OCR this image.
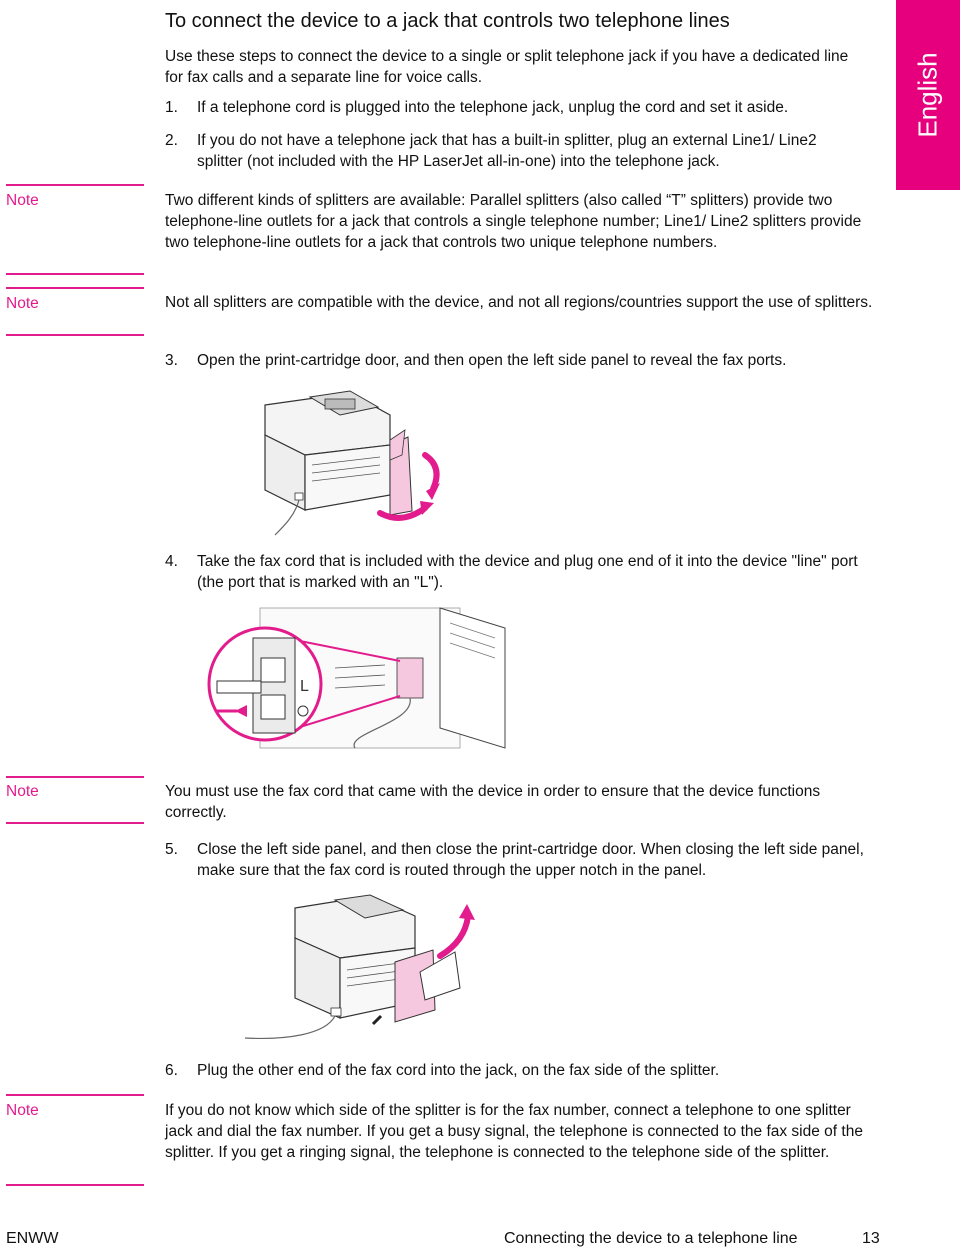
English
To connect the device to a jack that controls two telephone lines

Use these steps to connect the device to a single or split telephone jack if you have a dedicated line for fax calls and a separate line for voice calls.

1. If a telephone cord is plugged into the telephone jack, unplug the cord and set it aside.
2. If you do not have a telephone jack that has a built-in splitter, plug an external Line1/ Line2 splitter (not included with the HP LaserJet all-in-one) into the telephone jack.
Note	Two different kinds of splitters are available: Parallel splitters (also called “T” splitters) provide two telephone-line outlets for a jack that controls a single telephone number; Line1/ Line2 splitters provide two telephone-line outlets for a jack that controls two unique telephone numbers.

Note	Not all splitters are compatible with the device, and not all regions/countries support the use of splitters.

3. Open the print-cartridge door, and then open the left side panel to reveal the fax ports.
4. Take the fax cord that is included with the device and plug one end of it into the device "line" port (the port that is marked with an "L").
L
Note	You must use the fax cord that came with the device in order to ensure that the device functions correctly.

5. Close the left side panel, and then close the print-cartridge door. When closing the left side panel, make sure that the fax cord is routed through the upper notch in the panel.
6. Plug the other end of the fax cord into the jack, on the fax side of the splitter.
Note	If you do not know which side of the splitter is for the fax number, connect a telephone to one splitter jack and dial the fax number. If you get a busy signal, the telephone is connected to the fax side of the splitter. If you get a ringing signal, the telephone is connected to the telephone side of the splitter.

ENWW	Connecting the device to a telephone line	13
